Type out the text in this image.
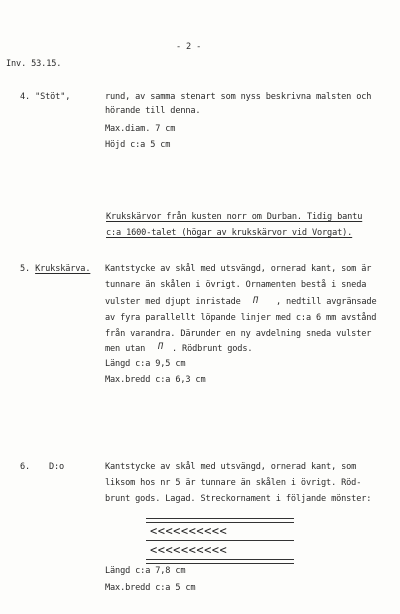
- 2 -
Inv. 53.15.
4. "Stöt",	rund, av samma stenart som nyss beskrivna malsten och
hörande till denna.
Max.diam. 7 cm
Höjd c:a 5 cm
Krukskärvor från kusten norr om Durban. Tidig bantu
c:a 1600-talet (högar av krukskärvor vid Vorgat).
5. Krukskärva. Kantstycke av skål med utsvängd, ornerad kant, som är
tunnare än skålen i övrigt. Ornamenten bestå i sneda
vulster med djupt inristade Π , nedtill avgränsade
av fyra parallellt löpande linjer med c:a 6 mm avstånd
från varandra. Därunder en ny avdelning sneda vulster
men utan Π . Rödbrunt gods.
Längd c:a 9,5 cm
Max.bredd c:a 6,3 cm
6. D:o	Kantstycke av skål med utsvängd, ornerad kant, som
liksom hos nr 5 är tunnare än skålen i övrigt. Röd-
brunt gods. Lagad. Streckornament i följande mönster:
<<<<<<<<<<
<<<<<<<<<<
Längd c:a 7,8 cm
Max.bredd c:a 5 cm
